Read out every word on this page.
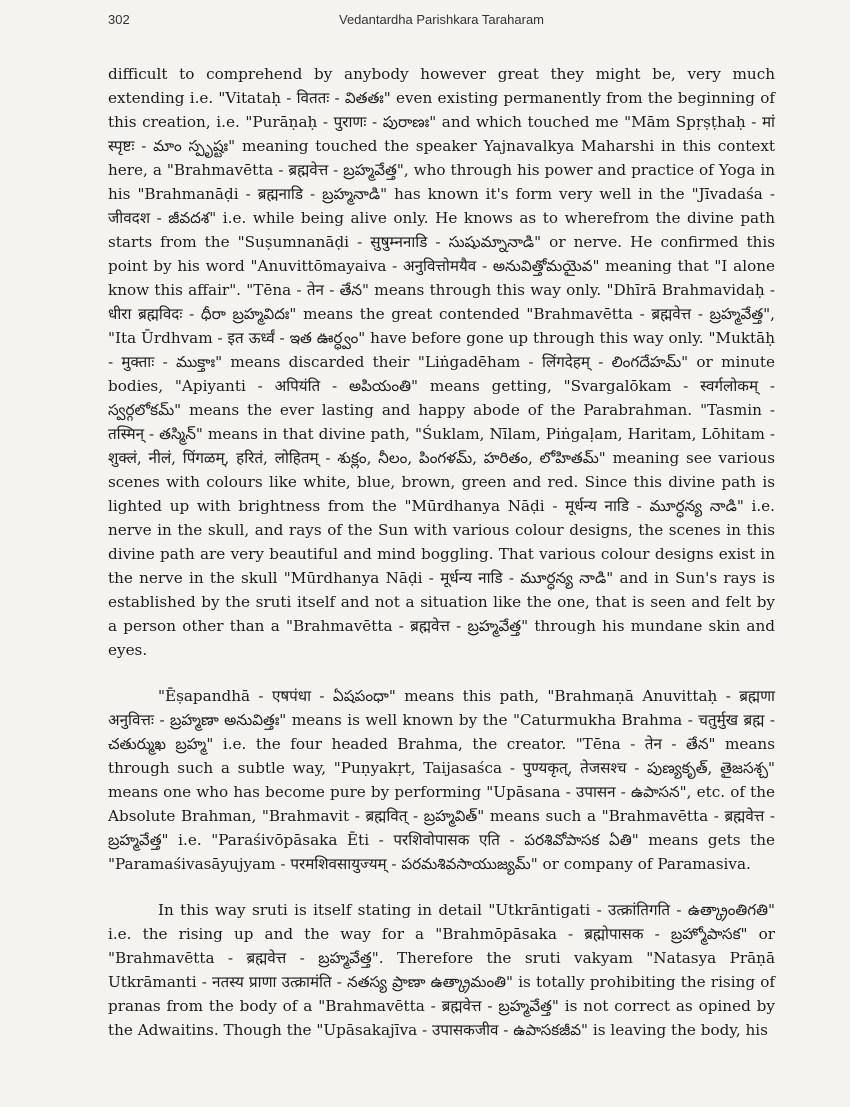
302	Vedantardha Parishkara Taraharam

difficult to comprehend by anybody however great they might be, very much extending i.e. "Vitataḥ - विततः - వితతః" even existing permanently from the beginning of this creation, i.e. "Purāṇaḥ - पुराणः - పురాణః" and which touched me "Mām Spṛṣṭhaḥ - मां स्पृष्टः - మాం స్పృష్టః" meaning touched the speaker Yajnavalkya Maharshi in this context here, a "Brahmavētta - ब्रह्मवेत्त - బ్రహ్మవేత్త", who through his power and practice of Yoga in his "Brahmanāḍi - ब्रह्मनाडि - బ్రహ్మనాడి" has known it's form very well in the "Jīvadaśa - जीवदश - జీవదశ" i.e. while being alive only. He knows as to wherefrom the divine path starts from the "Suṣumnanāḍi - सुषुम्ननाडि - సుషుమ్నానాడి" or nerve. He confirmed this point by his word "Anuvittōmayaiva - अनुवित्तोमयैव - అనువిత్తోమయైవ" meaning that "I alone know this affair". "Tēna - तेन - తేన" means through this way only. "Dhīrā Brahmavidaḥ - धीरा ब्रह्मविदः - ధీరా బ్రహ్మవిదః" means the great contended "Brahmavētta - ब्रह्मवेत्त - బ్రహ్మవేత్త", "Ita Ūrdhvam - इत ऊर्ध्वं - ఇత ఊర్ధ్వం" have before gone up through this way only. "Muktāḥ - मुक्ताः - ముక్తాః" means discarded their "Liṅgadēham - लिंगदेहम् - లింగదేహమ్" or minute bodies, "Apiyanti - अपियंति - అపియంతి" means getting, "Svargalōkam - स्वर्गलोकम् - స్వర్గలోకమ్" means the ever lasting and happy abode of the Parabrahman. "Tasmin - तस्मिन् - తస్మిన్" means in that divine path, "Śuklam, Nīlam, Piṅgaḷam, Haritam, Lōhitam - शुक्लं, नीलं, पिंगळम्, हरितं, लोहितम् - శుక్లం, నీలం, పింగళమ్, హరితం, లోహితమ్" meaning see various scenes with colours like white, blue, brown, green and red. Since this divine path is lighted up with brightness from the "Mūrdhanya Nāḍi - मूर्धन्य नाडि - మూర్ధన్య నాడి" i.e. nerve in the skull, and rays of the Sun with various colour designs, the scenes in this divine path are very beautiful and mind boggling. That various colour designs exist in the nerve in the skull "Mūrdhanya Nāḍi - मूर्धन्य नाडि - మూర్ధన్య నాడి" and in Sun's rays is established by the sruti itself and not a situation like the one, that is seen and felt by a person other than a "Brahmavētta - ब्रह्मवेत्त - బ్రహ్మవేత్త" through his mundane skin and eyes.

"Ēṣapandhā - एषपंधा - ఏషపంధా" means this path, "Brahmaṇā Anuvittaḥ - ब्रह्मणा अनुवित्तः - బ్రహ్మణా అనువిత్తః" means is well known by the "Caturmukha Brahma - चतुर्मुख ब्रह्म - చతుర్ముఖ బ్రహ్మ" i.e. the four headed Brahma, the creator. "Tēna - तेन - తేన" means through such a subtle way, "Puṇyakṛt, Taijasaśca - पुण्यकृत्, तेजसश्च - పుణ్యకృత్, తైజసశ్చ" means one who has become pure by performing "Upāsana - उपासन - ఉపాసన", etc. of the Absolute Brahman, "Brahmavit - ब्रह्मवित् - బ్రహ్మవిత్" means such a "Brahmavētta - ब्रह्मवेत्त - బ్రహ్మవేత్త" i.e. "Paraśivōpāsaka Ēti - परशिवोपासक एति - పరశివోపాసక ఏతి" means gets the "Paramaśivasāyujyam - परमशिवसायुज्यम् - పరమశివసాయుజ్యమ్" or company of Paramasiva.

In this way sruti is itself stating in detail "Utkrāntigati - उत्क्रांतिगति - ఉత్క్రాంతిగతి" i.e. the rising up and the way for a "Brahmōpāsaka - ब्रह्मोपासक - బ్రహ్మోపాసక" or "Brahmavētta - ब्रह्मवेत्त - బ్రహ్మవేత్త". Therefore the sruti vakyam "Natasya Prāṇā Utkrāmanti - नतस्य प्राणा उत्क्रामंति - నతస్య ప్రాణా ఉత్క్రామంతి" is totally prohibiting the rising of pranas from the body of a "Brahmavētta - ब्रह्मवेत्त - బ్రహ్మవేత్త" is not correct as opined by the Adwaitins. Though the "Upāsakajīva - उपासकजीव - ఉపాసకజీవ" is leaving the body, his
